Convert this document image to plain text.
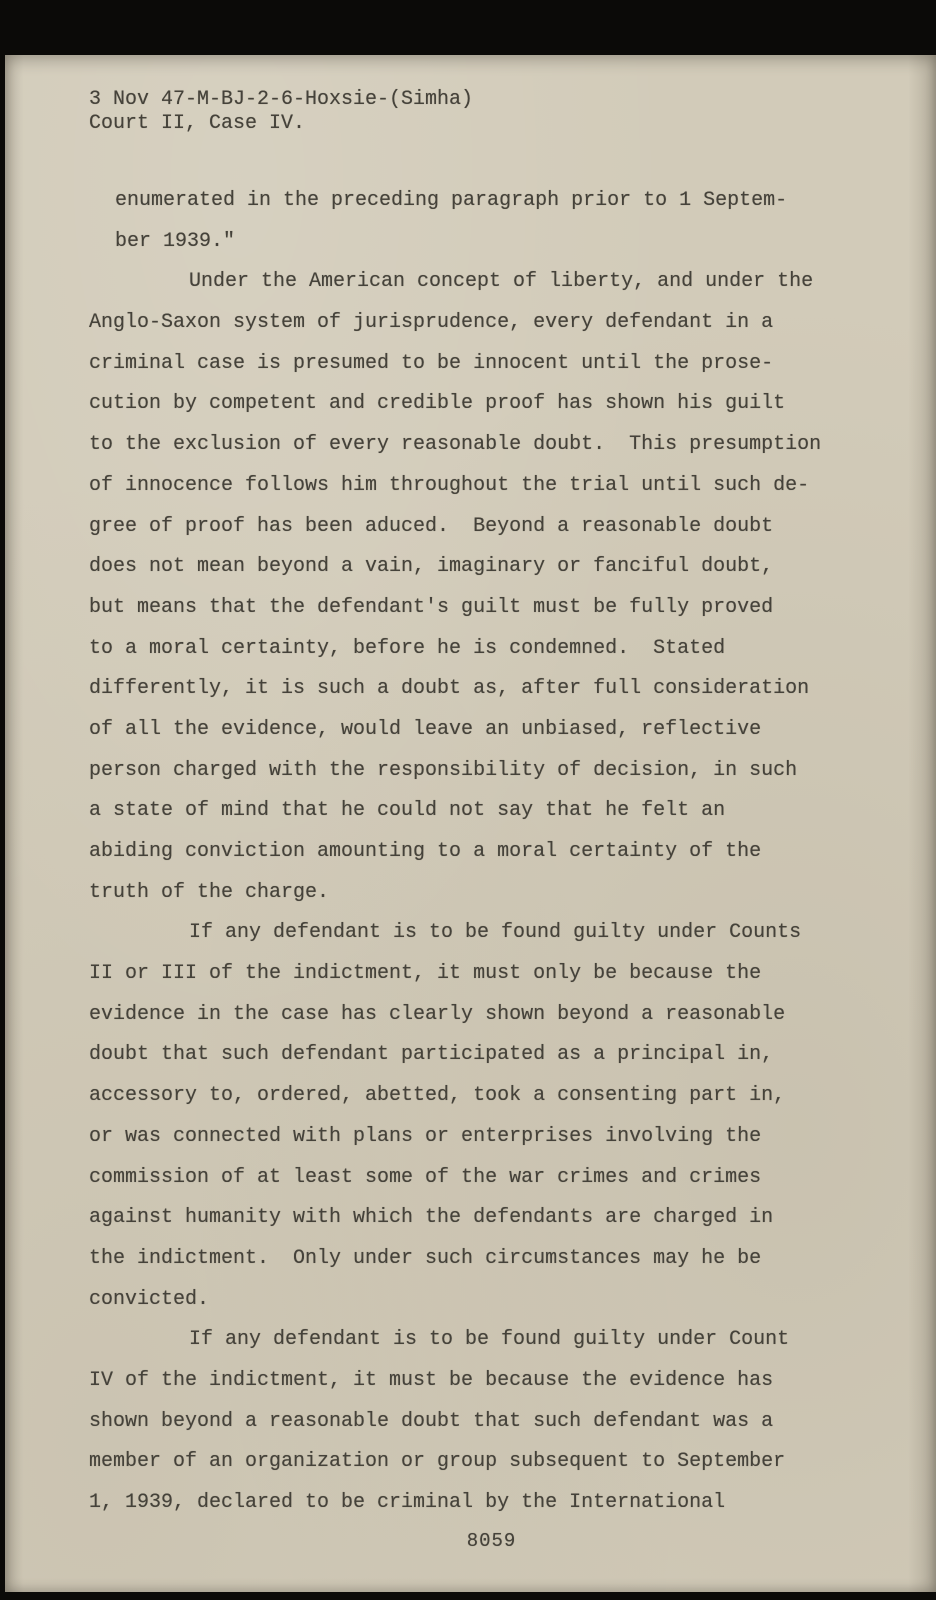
3 Nov 47-M-BJ-2-6-Hoxsie-(Simha)
Court II, Case IV.
enumerated in the preceding paragraph prior to 1 Septem-
ber 1939."
Under the American concept of liberty, and under the
Anglo-Saxon system of jurisprudence, every defendant in a
criminal case is presumed to be innocent until the prose-
cution by competent and credible proof has shown his guilt
to the exclusion of every reasonable doubt.  This presumption
of innocence follows him throughout the trial until such de-
gree of proof has been aduced.  Beyond a reasonable doubt
does not mean beyond a vain, imaginary or fanciful doubt,
but means that the defendant's guilt must be fully proved
to a moral certainty, before he is condemned.  Stated
differently, it is such a doubt as, after full consideration
of all the evidence, would leave an unbiased, reflective
person charged with the responsibility of decision, in such
a state of mind that he could not say that he felt an
abiding conviction amounting to a moral certainty of the
truth of the charge.
If any defendant is to be found guilty under Counts
II or III of the indictment, it must only be because the
evidence in the case has clearly shown beyond a reasonable
doubt that such defendant participated as a principal in,
accessory to, ordered, abetted, took a consenting part in,
or was connected with plans or enterprises involving the
commission of at least some of the war crimes and crimes
against humanity with which the defendants are charged in
the indictment.  Only under such circumstances may he be
convicted.
If any defendant is to be found guilty under Count
IV of the indictment, it must be because the evidence has
shown beyond a reasonable doubt that such defendant was a
member of an organization or group subsequent to September
1, 1939, declared to be criminal by the International
8059
